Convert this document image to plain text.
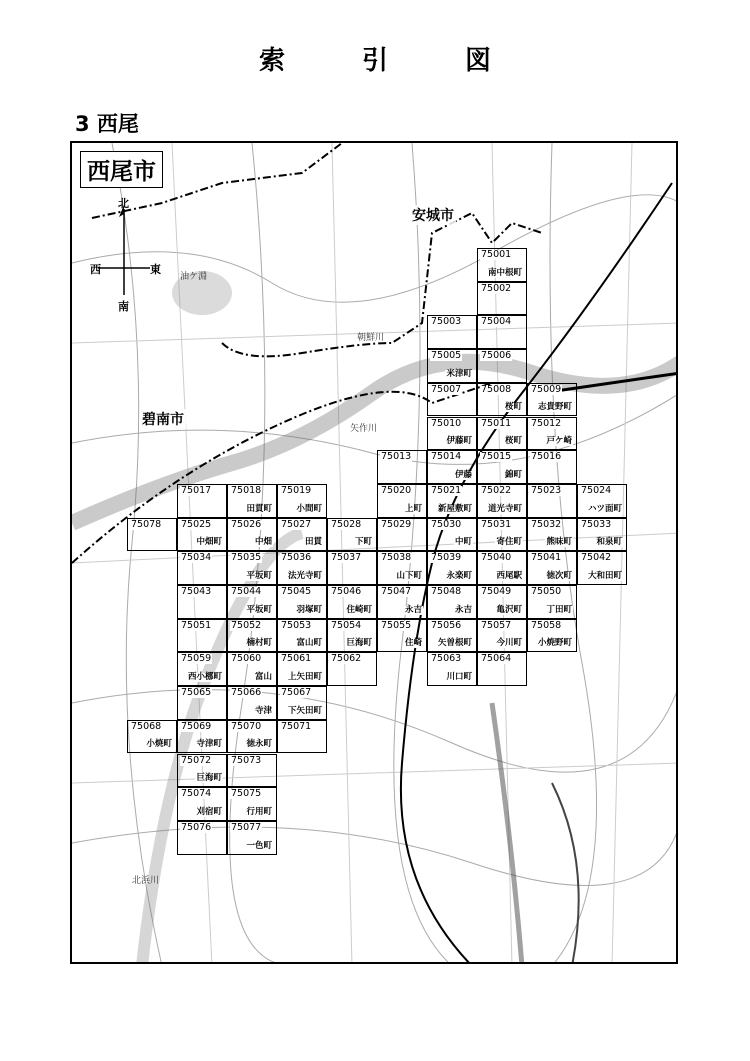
索 引 図
3 西尾
西尾市
安城市
碧南市
油ケ淵
矢作川
朝鮮川
北浜川
北
南
東
西
75001
南中根町
75002
75003 75004
75005
米津町
75006
75007 75008
桜町
75009
志貴野町
75010
伊藤町
75011
桜町
75012
戸ケ崎
75013 75014
伊藤
75015
錦町
75016
75017 75018
田貫町
75019
小間町
75020
上町
75021
新屋敷町
75022
道光寺町
75023 75024
ハツ面町
75078 75025
中畑町
75026
中畑
75027
田貫
75028
下町
75029 75030
中町
75031
寄住町
75032
熊味町
75033
和泉町
75034 75035
平坂町
75036
法光寺町
75037 75038
山下町
75039
永楽町
75040
西尾駅
75041
徳次町
75042
大和田町
75043 75044
平坂町
75045
羽塚町
75046
住崎町
75047
永吉
75048
永吉
75049
亀沢町
75050
丁田町
75051 75052
楠村町
75053
富山町
75054
巨海町
75055
住崎
75056
矢曽根町
75057
今川町
75058
小焼野町
75059
西小梛町
75060
富山
75061
上矢田町
75062	75063
川口町
75064
75065 75066
寺津
75067
下矢田町
75068
小焼町
75069
寺津町
75070
徳永町
75071
75072
巨海町
75073
75074
刈宿町
75075
行用町
75076 75077
一色町
